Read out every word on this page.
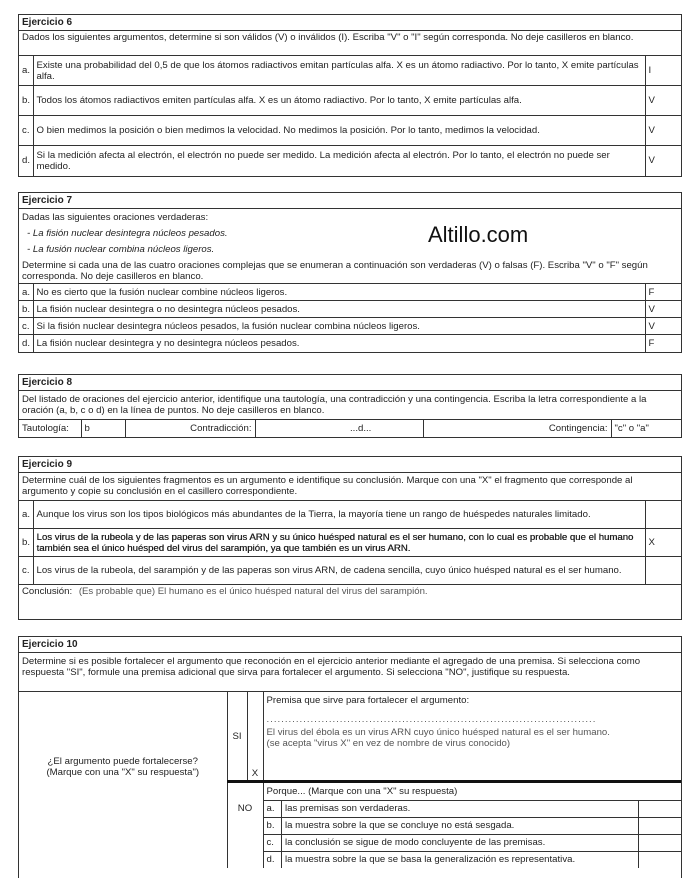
Altillo.com
Ejercicio 6
Dados los siguientes argumentos, determine si son válidos (V) o inválidos (I). Escriba "V" o "I" según corresponda. No deje casilleros en blanco.
a.	Existe una probabilidad del 0,5 de que los átomos radiactivos emitan partículas alfa. X es un átomo radiactivo. Por lo tanto, X emite partículas alfa.	I
b.	Todos los átomos radiactivos emiten partículas alfa. X es un átomo radiactivo. Por lo tanto, X emite partículas alfa.	V
c.	O bien medimos la posición o bien medimos la velocidad. No medimos la posición. Por lo tanto, medimos la velocidad.	V
d.	Si la medición afecta al electrón, el electrón no puede ser medido. La medición afecta al electrón. Por lo tanto, el electrón no puede ser medido.	V
Ejercicio 7
Dadas las siguientes oraciones verdaderas:
- La fisión nuclear desintegra núcleos pesados.
- La fusión nuclear combina núcleos ligeros.
Determine si cada una de las cuatro oraciones complejas que se enumeran a continuación son verdaderas (V) o falsas (F). Escriba "V" o "F" según corresponda. No deje casilleros en blanco.
a.	No es cierto que la fusión nuclear combine núcleos ligeros.	F
b.	La fisión nuclear desintegra o no desintegra núcleos pesados.	V
c.	Si la fisión nuclear desintegra núcleos pesados, la fusión nuclear combina núcleos ligeros.	V
d.	La fisión nuclear desintegra y no desintegra núcleos pesados.	F
Ejercicio 8
Del listado de oraciones del ejercicio anterior, identifique una tautología, una contradicción y una contingencia. Escriba la letra correspondiente a la oración (a, b, c o d) en la línea de puntos. No deje casilleros en blanco.
Tautología:	b	Contradicción:		...d...	Contingencia:	"c" o "a"
Ejercicio 9
Determine cuál de los siguientes fragmentos es un argumento e identifique su conclusión. Marque con una "X" el fragmento que corresponde al argumento y copie su conclusión en el casillero correspondiente.
a.	Aunque los virus son los tipos biológicos más abundantes de la Tierra, la mayoría tiene un rango de huéspedes naturales limitado.	
b.	Los virus de la rubeola y de las paperas son virus ARN y su único huésped natural es el ser humano, con lo cual es probable que el humano también sea el único huésped del virus del sarampión, ya que también es un virus ARN.	X
c.	Los virus de la rubeola, del sarampión y de las paperas son virus ARN, de cadena sencilla, cuyo único huésped natural es el ser humano.	
Conclusión: (Es probable que) El humano es el único huésped natural del virus del sarampión.		
Ejercicio 10
Determine si es posible fortalecer el argumento que reconoción en el ejercicio anterior mediante el agregado de una premisa. Si selecciona como respuesta "SI", formule una premisa adicional que sirva para fortalecer el argumento. Si selecciona "NO", justifique su respuesta.
¿El argumento puede fortalecerse?
(Marque con una "X" su respuesta")
	SI	X	
Premisa que sirve para fortalecer el argumento:
..........................................................................................
El virus del ébola es un virus ARN cuyo único huésped natural es el ser humano.
(se acepta "virus X" en vez de nombre de virus conocido)

NO

Porque... (Marque con una "X" su respuesta)
a.	las premisas son verdaderas.	
b.	la muestra sobre la que se concluye no está sesgada.	
c.	la conclusión se sigue de modo concluyente de las premisas.	
d.	la muestra sobre la que se basa la generalización es representativa.	
